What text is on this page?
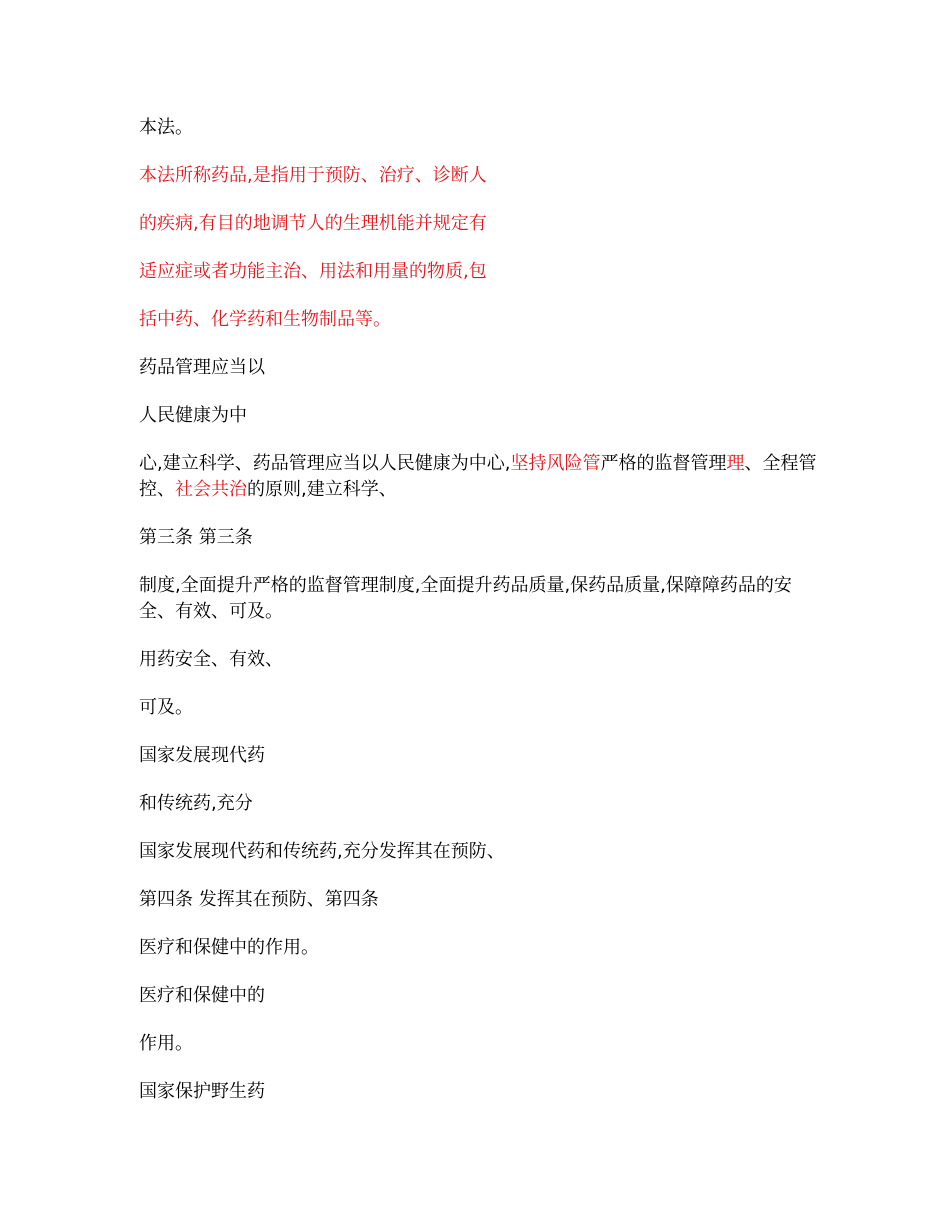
本法。
本法所称药品,是指用于预防、治疗、诊断人
的疾病,有目的地调节人的生理机能并规定有
适应症或者功能主治、用法和用量的物质,包
括中药、化学药和生物制品等。
药品管理应当以
人民健康为中
心,建立科学、药品管理应当以人民健康为中心,坚持风险管严格的监督管理理、全程管控、社会共治的原则,建立科学、
第三条 第三条
制度,全面提升严格的监督管理制度,全面提升药品质量,保药品质量,保障障药品的安全、有效、可及。
用药安全、有效、
可及。
国家发展现代药
和传统药,充分
国家发展现代药和传统药,充分发挥其在预防、
第四条 发挥其在预防、第四条
医疗和保健中的作用。
医疗和保健中的
作用。
国家保护野生药
